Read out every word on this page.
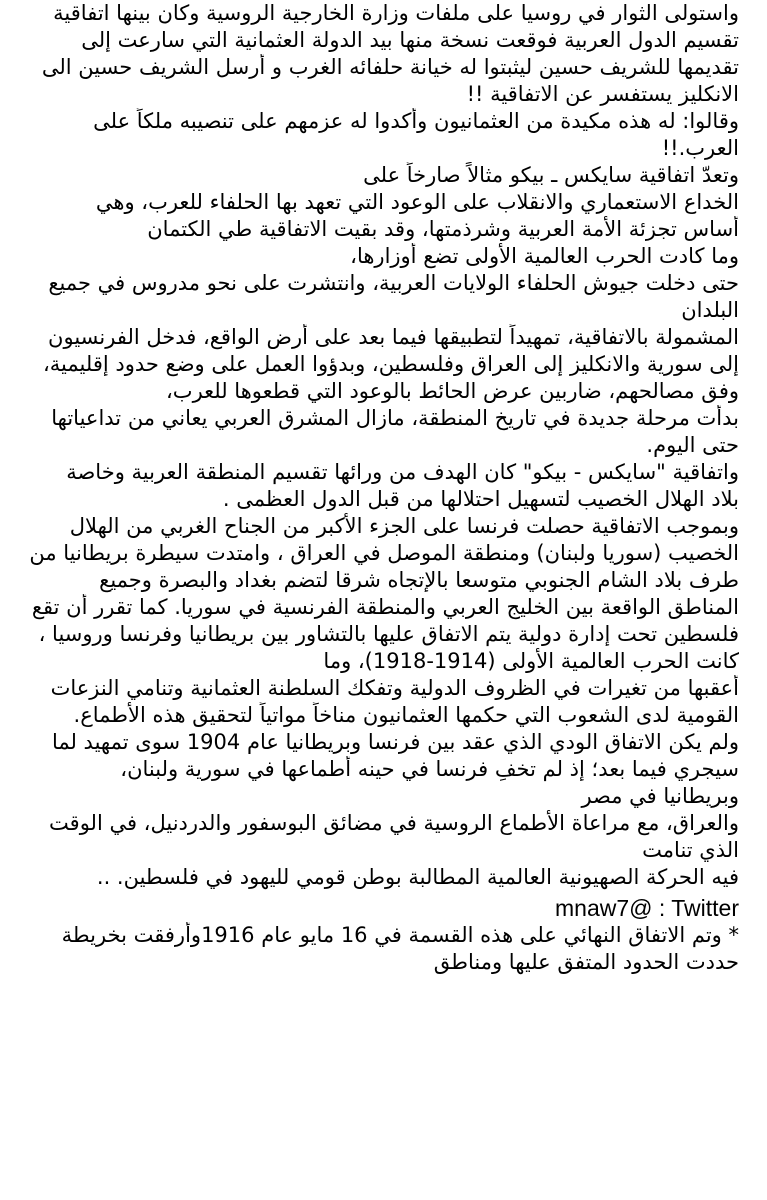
واستولى الثوار في روسيا على ملفات وزارة الخارجية الروسية وكان بينها اتفاقية
تقسيم الدول العربية فوقعت نسخة منها بيد الدولة العثمانية التي سارعت إلى
تقديمها للشريف حسين ليثبتوا له خيانة حلفائه الغرب و أرسل الشريف حسين الى
الانكليز يستفسر عن الاتفاقية !!
وقالوا: له هذه مكيدة من العثمانيون وأكدوا له عزمهم على تنصيبه ملكاً على
العرب.!!
وتعدّ اتفاقية سايكس ـ بيكو مثالاً صارخاً على
الخداع الاستعماري والانقلاب على الوعود التي تعهد بها الحلفاء للعرب، وهي
أساس تجزئة الأمة العربية وشرذمتها، وقد بقيت الاتفاقية طي الكتمان
وما كادت الحرب العالمية الأولى تضع أوزارها،
حتى دخلت جيوش الحلفاء الولايات العربية، وانتشرت على نحو مدروس في جميع
البلدان
المشمولة بالاتفاقية، تمهيداً لتطبيقها فيما بعد على أرض الواقع، فدخل الفرنسيون
إلى سورية والانكليز إلى العراق وفلسطين، وبدؤوا العمل على وضع حدود إقليمية،
وفق مصالحهم، ضاربين عرض الحائط بالوعود التي قطعوها للعرب،
بدأت مرحلة جديدة في تاريخ المنطقة، مازال المشرق العربي يعاني من تداعياتها
حتى اليوم.
واتفاقية "سايكس - بيكو" كان الهدف من ورائها تقسيم المنطقة العربية وخاصة
بلاد الهلال الخصيب لتسهيل احتلالها من قبل الدول العظمى .
وبموجب الاتفاقية حصلت فرنسا على الجزء الأكبر من الجناح الغربي من الهلال
الخصيب (سوريا ولبنان) ومنطقة الموصل في العراق ، وامتدت سيطرة بريطانيا من
طرف بلاد الشام الجنوبي متوسعا بالإتجاه شرقا لتضم بغداد والبصرة وجميع
المناطق الواقعة بين الخليج العربي والمنطقة الفرنسية في سوريا. كما تقرر أن تقع
فلسطين تحت إدارة دولية يتم الاتفاق عليها بالتشاور بين بريطانيا وفرنسا وروسيا ،
كانت الحرب العالمية الأولى (1914-1918)، وما
أعقبها من تغيرات في الظروف الدولية وتفكك السلطنة العثمانية وتنامي النزعات
القومية لدى الشعوب التي حكمها العثمانيون مناخاً مواتياً لتحقيق هذه الأطماع.
ولم يكن الاتفاق الودي الذي عقد بين فرنسا وبريطانيا عام 1904 سوى تمهيد لما
سيجري فيما بعد؛ إذ لم تخفِ فرنسا في حينه أطماعها في سورية ولبنان،
وبريطانيا في مصر
والعراق، مع مراعاة الأطماع الروسية في مضائق البوسفور والدردنيل، في الوقت
الذي تنامت
فيه الحركة الصهيونية العالمية المطالبة بوطن قومي لليهود في فلسطين. ..
mnaw7@ : Twitter
* وتم الاتفاق النهائي على هذه القسمة في 16 مايو عام 1916وأرفقت بخريطة
حددت الحدود المتفق عليها ومناطق
